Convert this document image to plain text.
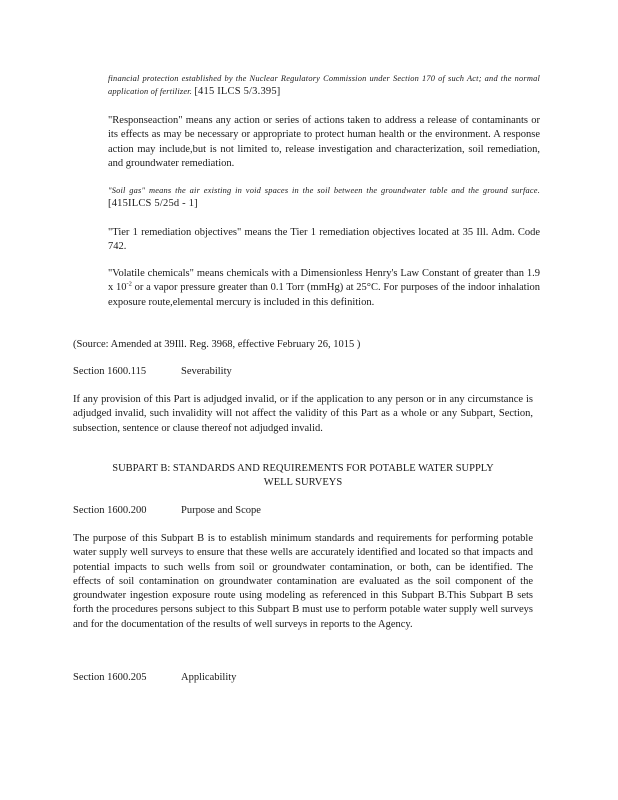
financial protection established by the Nuclear Regulatory Commission under Section 170 of such Act; and the normal application of fertilizer. [415 ILCS 5/3.395]

"Responseaction" means any action or series of actions taken to address a release of contaminants or its effects as may be necessary or appropriate to protect human health or the environment. A response action may include,but is not limited to, release investigation and characterization, soil remediation, and groundwater remediation.

"Soil gas" means the air existing in void spaces in the soil between the groundwater table and the ground surface. [415ILCS 5/25d - 1]

"Tier 1 remediation objectives" means the Tier 1 remediation objectives located at 35 Ill. Adm. Code 742.

"Volatile chemicals" means chemicals with a Dimensionless Henry's Law Constant of greater than 1.9 x $10^{-2}$ or a vapor pressure greater than 0.1 Torr (mmHg) at 25°C. For purposes of the indoor inhalation exposure route,elemental mercury is included in this definition.

(Source: Amended at 39Ill. Reg. 3968, effective February 26, 1015 )

Section 1600.115	Severability

If any provision of this Part is adjudged invalid, or if the application to any person or in any circumstance is adjudged invalid, such invalidity will not affect the validity of this Part as a whole or any Subpart, Section, subsection, sentence or clause thereof not adjudged invalid.

SUBPART B: STANDARDS AND REQUIREMENTS FOR POTABLE WATER SUPPLY
WELL SURVEYS
Section 1600.200	Purpose and Scope

The purpose of this Subpart B is to establish minimum standards and requirements for performing potable water supply well surveys to ensure that these wells are accurately identified and located so that impacts and potential impacts to such wells from soil or groundwater contamination, or both, can be identified. The effects of soil contamination on groundwater contamination are evaluated as the soil component of the groundwater ingestion exposure route using modeling as referenced in this Subpart B.This Subpart B sets forth the procedures persons subject to this Subpart B must use to perform potable water supply well surveys and for the documentation of the results of well surveys in reports to the Agency.

Section 1600.205	Applicability
